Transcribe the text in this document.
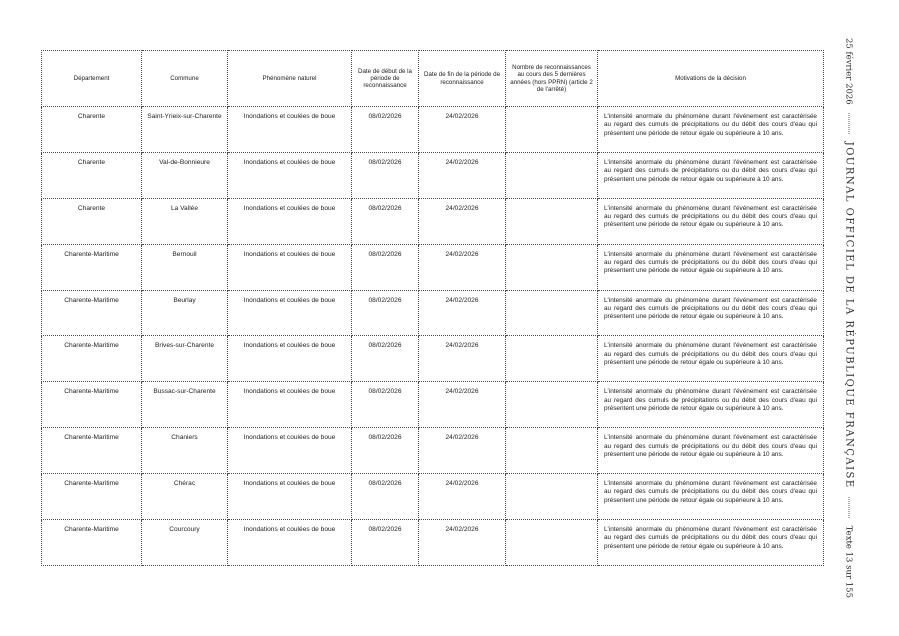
Département	Commune	Phénomène naturel	Date de début de la période de reconnaissance	Date de fin de la période de reconnaissance	Nombre de reconnaissances au cours des 5 dernières années (hors PPRN) (article 2 de l'arrêté)	Motivations de la décision
Charente	Saint-Yrieix-sur-Charente	Inondations et coulées de boue	08/02/2026	24/02/2026		L'intensité anormale du phénomène durant l'événement est caractérisée au regard des cumuls de précipitations ou du débit des cours d'eau qui présentent une période de retour égale ou supérieure à 10 ans.
Charente	Val-de-Bonnieure	Inondations et coulées de boue	08/02/2026	24/02/2026		L'intensité anormale du phénomène durant l'événement est caractérisée au regard des cumuls de précipitations ou du débit des cours d'eau qui présentent une période de retour égale ou supérieure à 10 ans.
Charente	La Vallée	Inondations et coulées de boue	08/02/2026	24/02/2026		L'intensité anormale du phénomène durant l'événement est caractérisée au regard des cumuls de précipitations ou du débit des cours d'eau qui présentent une période de retour égale ou supérieure à 10 ans.
Charente-Maritime	Bernouil	Inondations et coulées de boue	08/02/2026	24/02/2026		L'intensité anormale du phénomène durant l'événement est caractérisée au regard des cumuls de précipitations ou du débit des cours d'eau qui présentent une période de retour égale ou supérieure à 10 ans.
Charente-Maritime	Beurlay	Inondations et coulées de boue	08/02/2026	24/02/2026		L'intensité anormale du phénomène durant l'événement est caractérisée au regard des cumuls de précipitations ou du débit des cours d'eau qui présentent une période de retour égale ou supérieure à 10 ans.
Charente-Maritime	Brives-sur-Charente	Inondations et coulées de boue	08/02/2026	24/02/2026		L'intensité anormale du phénomène durant l'événement est caractérisée au regard des cumuls de précipitations ou du débit des cours d'eau qui présentent une période de retour égale ou supérieure à 10 ans.
Charente-Maritime	Bussac-sur-Charente	Inondations et coulées de boue	08/02/2026	24/02/2026		L'intensité anormale du phénomène durant l'événement est caractérisée au regard des cumuls de précipitations ou du débit des cours d'eau qui présentent une période de retour égale ou supérieure à 10 ans.
Charente-Maritime	Chaniers	Inondations et coulées de boue	08/02/2026	24/02/2026		L'intensité anormale du phénomène durant l'événement est caractérisée au regard des cumuls de précipitations ou du débit des cours d'eau qui présentent une période de retour égale ou supérieure à 10 ans.
Charente-Maritime	Chérac	Inondations et coulées de boue	08/02/2026	24/02/2026		L'intensité anormale du phénomène durant l'événement est caractérisée au regard des cumuls de précipitations ou du débit des cours d'eau qui présentent une période de retour égale ou supérieure à 10 ans.
Charente-Maritime	Courcoury	Inondations et coulées de boue	08/02/2026	24/02/2026		L'intensité anormale du phénomène durant l'événement est caractérisée au regard des cumuls de précipitations ou du débit des cours d'eau qui présentent une période de retour égale ou supérieure à 10 ans.
25 février 2026
JOURNAL OFFICIEL DE LA RÉPUBLIQUE FRANÇAISE
Texte 13 sur 155
